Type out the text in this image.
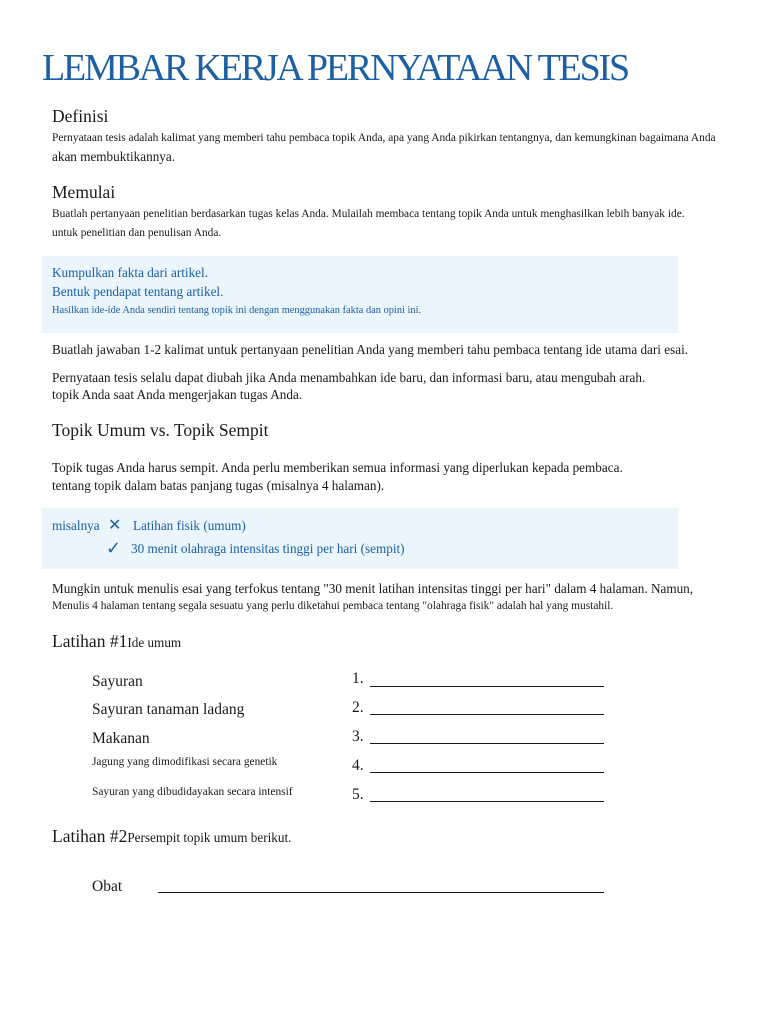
LEMBAR KERJA PERNYATAAN TESIS
Definisi
Pernyataan tesis adalah kalimat yang memberi tahu pembaca topik Anda, apa yang Anda pikirkan tentangnya, dan kemungkinan bagaimana Anda
akan membuktikannya.
Memulai
Buatlah pertanyaan penelitian berdasarkan tugas kelas Anda. Mulailah membaca tentang topik Anda untuk menghasilkan lebih banyak ide.
untuk penelitian dan penulisan Anda.
Kumpulkan fakta dari artikel.
Bentuk pendapat tentang artikel.
Hasilkan ide-ide Anda sendiri tentang topik ini dengan menggunakan fakta dan opini ini.
Buatlah jawaban 1-2 kalimat untuk pertanyaan penelitian Anda yang memberi tahu pembaca tentang ide utama dari esai.
Pernyataan tesis selalu dapat diubah jika Anda menambahkan ide baru, dan informasi baru, atau mengubah arah.
topik Anda saat Anda mengerjakan tugas Anda.
Topik Umum vs. Topik Sempit
Topik tugas Anda harus sempit. Anda perlu memberikan semua informasi yang diperlukan kepada pembaca.
tentang topik dalam batas panjang tugas (misalnya 4 halaman).
misalnya ✕ Latihan fisik (umum)
✓ 30 menit olahraga intensitas tinggi per hari (sempit)
Mungkin untuk menulis esai yang terfokus tentang "30 menit latihan intensitas tinggi per hari" dalam 4 halaman. Namun,
Menulis 4 halaman tentang segala sesuatu yang perlu diketahui pembaca tentang "olahraga fisik" adalah hal yang mustahil.
Latihan #1Ide umum
Sayuran
Sayuran tanaman ladang
Makanan
Jagung yang dimodifikasi secara genetik
Sayuran yang dibudidayakan secara intensif
1.
2.
3.
4.
5.
Latihan #2Persempit topik umum berikut.
Obat
